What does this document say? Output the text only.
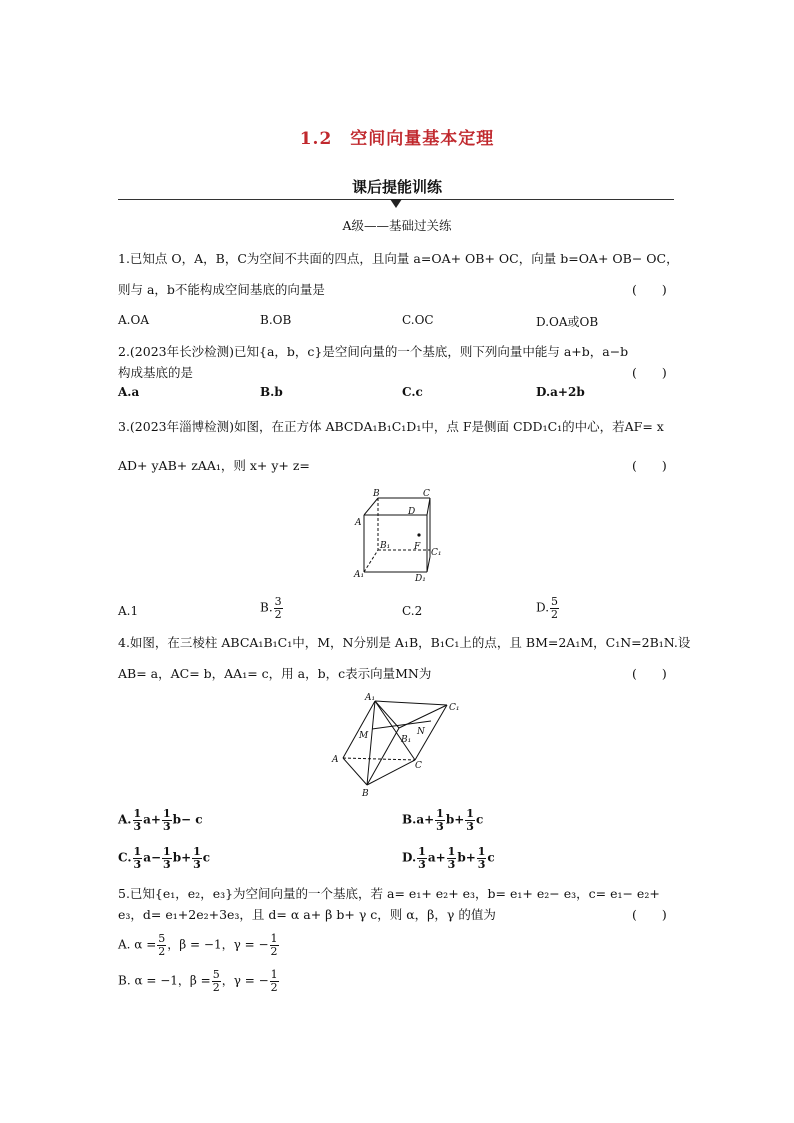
1.2　空间向量基本定理
课后提能训练
A级——基础过关练
1.已知点 O，A，B，C为空间不共面的四点，且向量 a=OA+ OB+ OC，向量 b=OA+ OB− OC，
则与 a，b不能构成空间基底的向量是	(　　)
A.OA	B.OB	C.OC	D.OA或OB
2.(2023年长沙检测)已知{a，b，c}是空间向量的一个基底，则下列向量中能与 a+b，a−b
构成基底的是	(　　)
A.a	B.b	C.c	D.a+2b
3.(2023年淄博检测)如图，在正方体 ABCDA₁B₁C₁D₁中，点 F是侧面 CDD₁C₁的中心，若AF= x
AD+ yAB+ zAA₁，则 x+ y+ z=	(　　)
B	C
A
D
B₁	F
C₁
A₁	D₁
A.1	B. $\frac{3}{2}$	C.2	D. $\frac{5}{2}$
4.如图，在三棱柱 ABCA₁B₁C₁中，M，N分别是 A₁B，B₁C₁上的点，且 BM=2A₁M，C₁N=2B₁N.设
AB= a，AC= b，AA₁= c，用 a，b，c表示向量MN为	(　　)
A₁
C₁
M	B₁
N
A
C
B
A. $\frac{1}{3} a+ \frac{1}{3} b- c$	$B.a+ \frac{1}{3} b+ \frac{1}{3}$ c
C. $\frac{1}{3} a- \frac{1}{3} b+ \frac{1}{3}$ c	D. $\frac{1}{3} a+ \frac{1}{3} b+ \frac{1}{3}$ c
5.已知{e₁，e₂，e₃}为空间向量的一个基底，若 a= e₁+ e₂+ e₃，b= e₁+ e₂− e₃，c= e₁− e₂+
e₃，d= e₁+2e₂+3e₃，且 d= α a+ β b+ γ c，则 α，β，γ 的值为	(　　)
A. $\alpha = \frac{5}{2}$ ，β = −1，γ = − $\frac{1}{2}$
B. α = −1，$\beta = \frac{5}{2}$ ，γ = − $\frac{1}{2}$
